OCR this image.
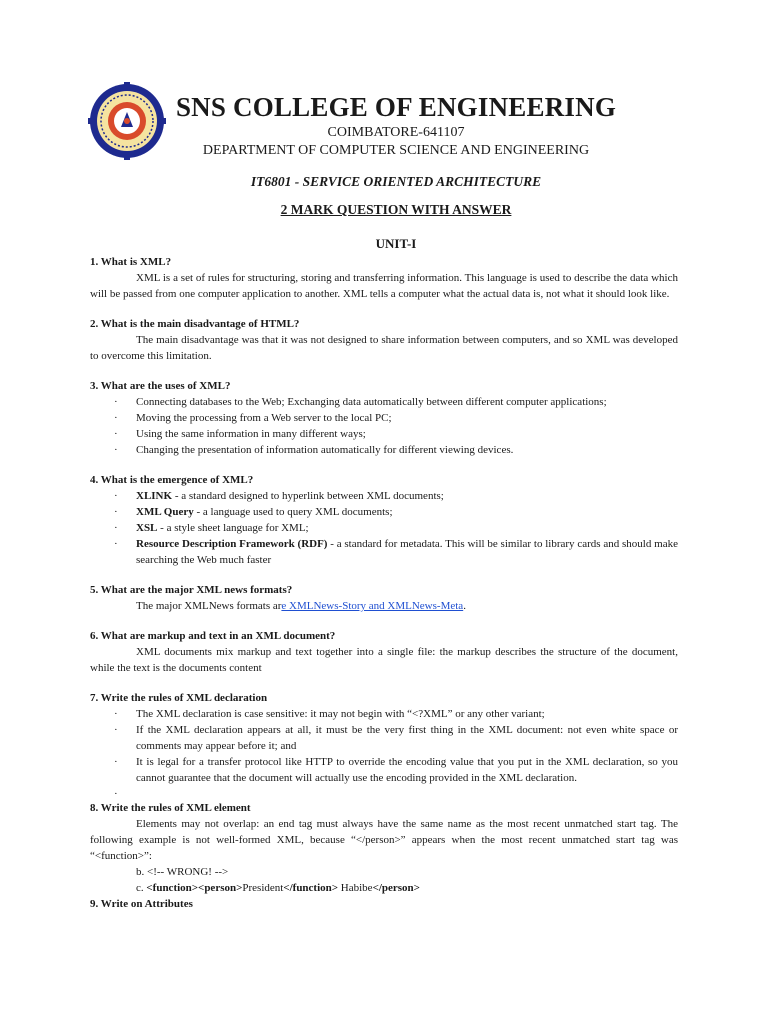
SNS COLLEGE OF ENGINEERING
COIMBATORE-641107
DEPARTMENT OF COMPUTER SCIENCE AND ENGINEERING
IT6801 - SERVICE ORIENTED ARCHITECTURE
2 MARK QUESTION WITH ANSWER
UNIT-I

1. What is XML?

XML is a set of rules for structuring, storing and transferring information. This language is used to describe the data which will be passed from one computer application to another. XML tells a computer what the actual data is, not what it should look like.

2. What is the main disadvantage of HTML?

The main disadvantage was that it was not designed to share information between computers, and so XML was developed to overcome this limitation.

3. What are the uses of XML?

· Connecting databases to the Web; Exchanging data automatically between different computer applications;
· Moving the processing from a Web server to the local PC;
· Using the same information in many different ways;
· Changing the presentation of information automatically for different viewing devices.

4. What is the emergence of XML?

· XLINK - a standard designed to hyperlink between XML documents;
· XML Query - a language used to query XML documents;
· XSL - a style sheet language for XML;
· Resource Description Framework (RDF) - a standard for metadata. This will be similar to library cards and should make searching the Web much faster

5. What are the major XML news formats?

The major XMLNews formats are XMLNews-Story and XMLNews-Meta.

6. What are markup and text in an XML document?

XML documents mix markup and text together into a single file: the markup describes the structure of the document, while the text is the documents content

7. Write the rules of XML declaration

· The XML declaration is case sensitive: it may not begin with “<?XML” or any other variant;
· If the XML declaration appears at all, it must be the very first thing in the XML document: not even white space or comments may appear before it; and
· It is legal for a transfer protocol like HTTP to override the encoding value that you put in the XML declaration, so you cannot guarantee that the document will actually use the encoding provided in the XML declaration.

8. Write the rules of XML element

Elements may not overlap: an end tag must always have the same name as the most recent unmatched start tag. The following example is not well-formed XML, because “</person>” appears when the most recent unmatched start tag was “<function>”:

b. <!-- WRONG! -->

c. <function><person>President</function> Habibe</person>

9. Write on Attributes
